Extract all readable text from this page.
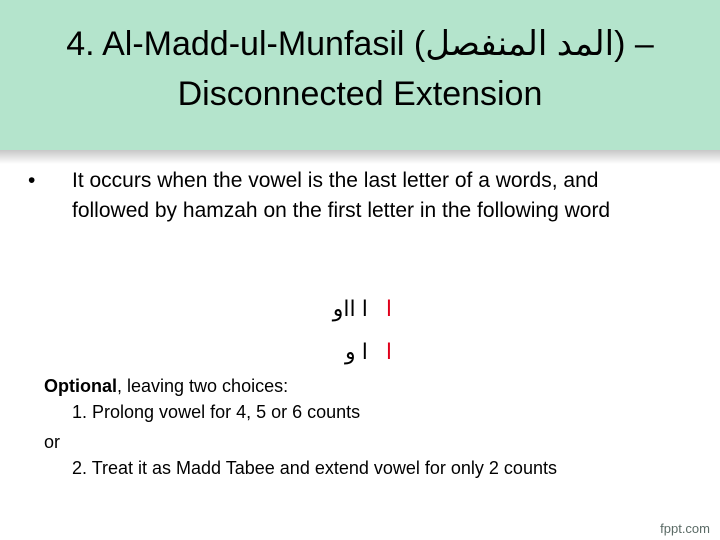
4. Al-Madd-ul-Munfasil (المد المنفصل) –
Disconnected Extension
• It occurs when the vowel is the last letter of a words, and followed by hamzah on the first letter in the following word
اا ااو
اا و
Optional, leaving two choices:
1. Prolong vowel for 4, 5 or 6 counts
or
2. Treat it as Madd Tabee and extend vowel for only 2 counts
fppt.com
